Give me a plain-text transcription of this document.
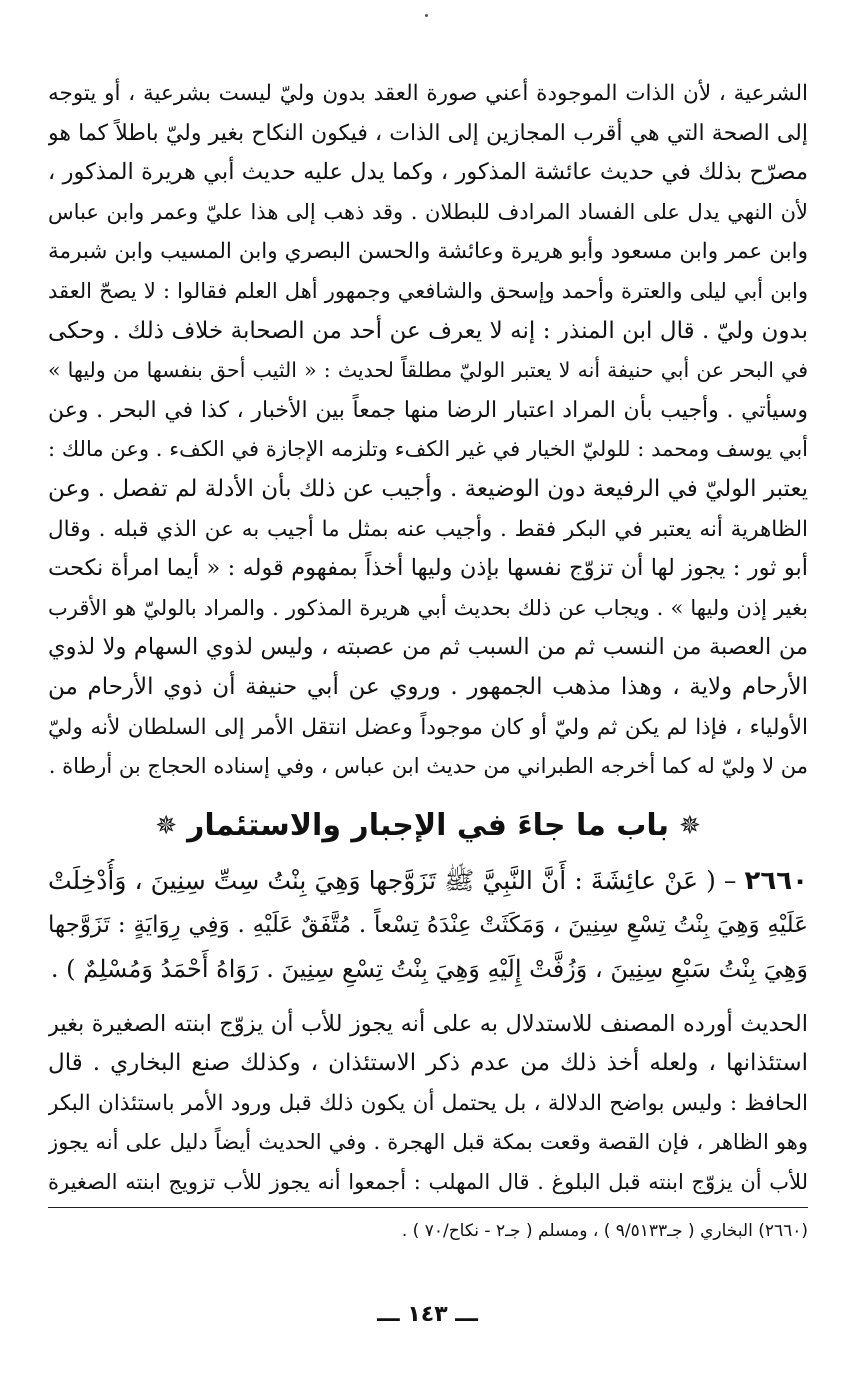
الشرعية ، لأن الذات الموجودة أعني صورة العقد بدون وليّ ليست بشرعية ، أو يتوجه
إلى الصحة التي هي أقرب المجازين إلى الذات ، فيكون النكاح بغير وليّ باطلاً كما هو
مصرّح بذلك في حديث عائشة المذكور ، وكما يدل عليه حديث أبي هريرة المذكور ،
لأن النهي يدل على الفساد المرادف للبطلان . وقد ذهب إلى هذا عليّ وعمر وابن عباس
وابن عمر وابن مسعود وأبو هريرة وعائشة والحسن البصري وابن المسيب وابن شبرمة
وابن أبي ليلى والعترة وأحمد وإسحق والشافعي وجمهور أهل العلم فقالوا : لا يصحّ العقد
بدون وليّ . قال ابن المنذر : إنه لا يعرف عن أحد من الصحابة خلاف ذلك . وحكى
في البحر عن أبي حنيفة أنه لا يعتبر الوليّ مطلقاً لحديث : « الثيب أحق بنفسها من وليها »
وسيأتي . وأجيب بأن المراد اعتبار الرضا منها جمعاً بين الأخبار ، كذا في البحر . وعن
أبي يوسف ومحمد : للوليّ الخيار في غير الكفء وتلزمه الإجازة في الكفء . وعن مالك :
يعتبر الوليّ في الرفيعة دون الوضيعة . وأجيب عن ذلك بأن الأدلة لم تفصل . وعن
الظاهرية أنه يعتبر في البكر فقط . وأجيب عنه بمثل ما أجيب به عن الذي قبله . وقال
أبو ثور : يجوز لها أن تزوّج نفسها بإذن وليها أخذاً بمفهوم قوله : « أيما امرأة نكحت
بغير إذن وليها » . ويجاب عن ذلك بحديث أبي هريرة المذكور . والمراد بالوليّ هو الأقرب
من العصبة من النسب ثم من السبب ثم من عصبته ، وليس لذوي السهام ولا لذوي
الأرحام ولاية ، وهذا مذهب الجمهور . وروي عن أبي حنيفة أن ذوي الأرحام من
الأولياء ، فإذا لم يكن ثم وليّ أو كان موجوداً وعضل انتقل الأمر إلى السلطان لأنه وليّ
من لا وليّ له كما أخرجه الطبراني من حديث ابن عباس ، وفي إسناده الحجاج بن أرطاة .
✵
باب ما جاءَ في الإجبار والاستئمار
✵
٢٦٦٠ – ( عَنْ عائِشَةَ : أَنَّ النَّبِيَّ ﷺ تَزَوَّجها وَهِيَ بِنْتُ سِتِّ سِنِينَ ، وَأُدْخِلَتْ
عَلَيْهِ وَهِيَ بِنْتُ تِسْعِ سِنِينَ ، وَمَكَثَتْ عِنْدَهُ تِسْعاً . مُتَّفَقٌ عَلَيْهِ . وَفِي رِوَايَةٍ : تَزَوَّجها
وَهِيَ بِنْتُ سَبْعِ سِنِينَ ، وَزُفَّتْ إِلَيْهِ وَهِيَ بِنْتُ تِسْعِ سِنِينَ . رَوَاهُ أَحْمَدُ وَمُسْلِمٌ ) .
الحديث أورده المصنف للاستدلال به على أنه يجوز للأب أن يزوّج ابنته الصغيرة بغير
استئذانها ، ولعله أخذ ذلك من عدم ذكر الاستئذان ، وكذلك صنع البخاري . قال
الحافظ : وليس بواضح الدلالة ، بل يحتمل أن يكون ذلك قبل ورود الأمر باستئذان البكر
وهو الظاهر ، فإن القصة وقعت بمكة قبل الهجرة . وفي الحديث أيضاً دليل على أنه يجوز
للأب أن يزوّج ابنته قبل البلوغ . قال المهلب : أجمعوا أنه يجوز للأب تزويج ابنته الصغيرة
(٢٦٦٠) البخاري ( جـ٩/٥١٣٣ ) ، ومسلم ( جـ٢ - نكاح/٧٠ ) .
ـــ ١٤٣ ـــ
